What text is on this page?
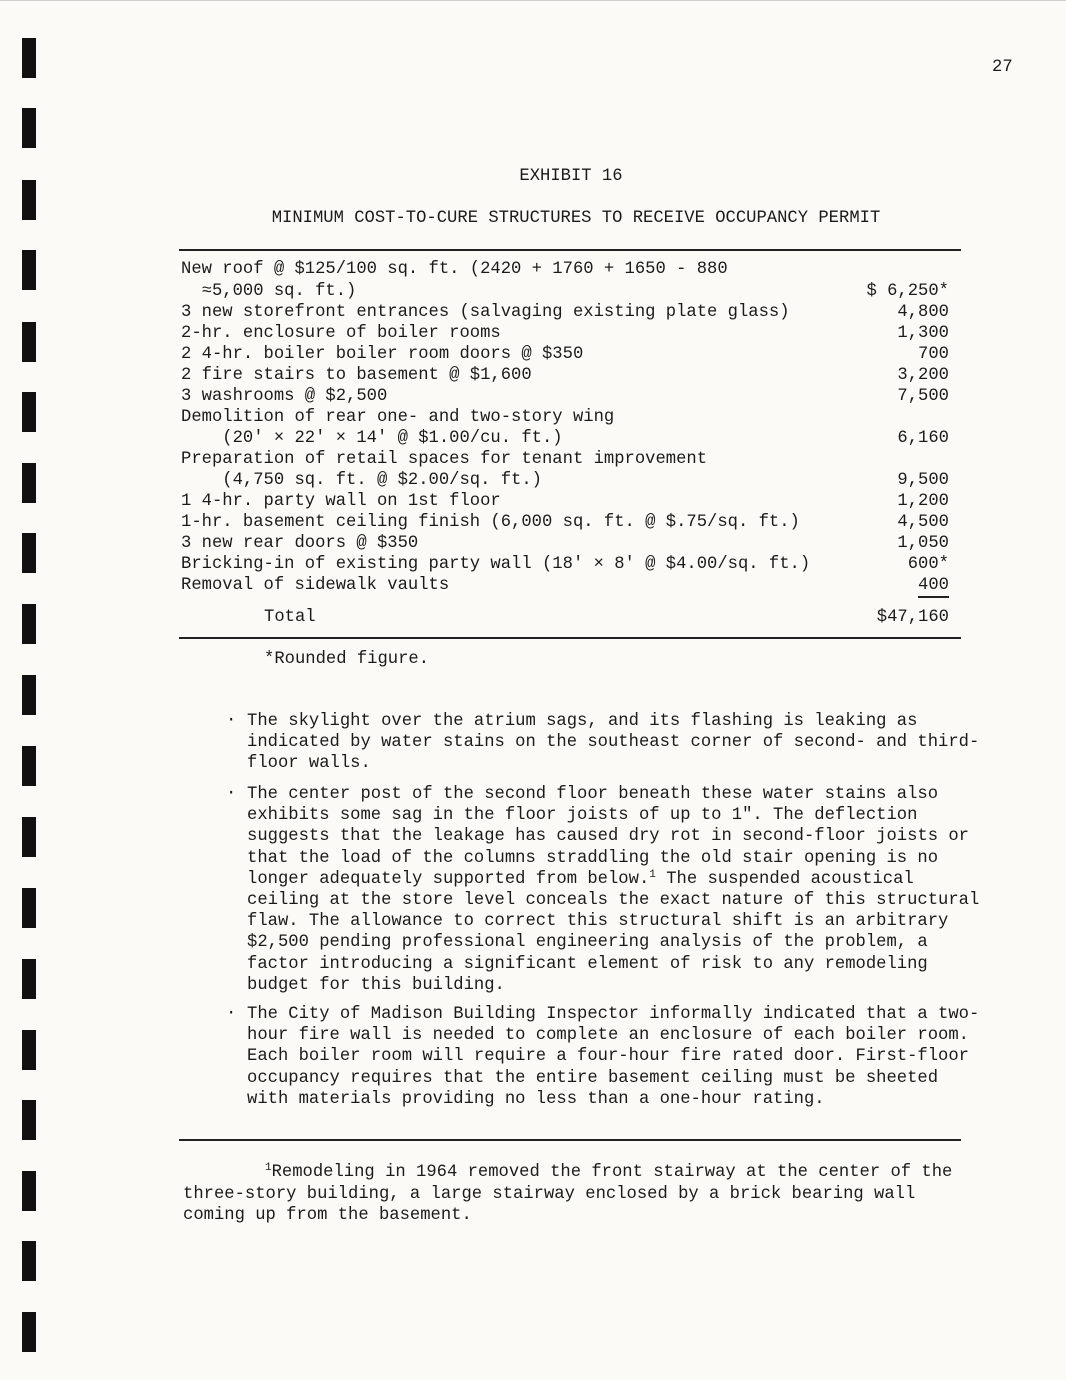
27
EXHIBIT 16
MINIMUM COST-TO-CURE STRUCTURES TO RECEIVE OCCUPANCY PERMIT
New roof @ $125/100 sq. ft. (2420 + 1760 + 1650 - 880
≈5,000 sq. ft.)	$ 6,250*
3 new storefront entrances (salvaging existing plate glass)	4,800
2-hr. enclosure of boiler rooms	1,300
2 4-hr. boiler boiler room doors @ $350	700
2 fire stairs to basement @ $1,600	3,200
3 washrooms @ $2,500	7,500
Demolition of rear one- and two-story wing
(20' × 22' × 14' @ $1.00/cu. ft.)	6,160
Preparation of retail spaces for tenant improvement
(4,750 sq. ft. @ $2.00/sq. ft.)	9,500
1 4-hr. party wall on 1st floor	1,200
1-hr. basement ceiling finish (6,000 sq. ft. @ $.75/sq. ft.)	4,500
3 new rear doors @ $350	1,050
Bricking-in of existing party wall (18' × 8' @ $4.00/sq. ft.)	600*
Removal of sidewalk vaults	400
Total	$47,160
*Rounded figure.
· The skylight over the atrium sags, and its flashing is leaking as indicated by water stains on the southeast corner of second- and third-floor walls.
· The center post of the second floor beneath these water stains also exhibits some sag in the floor joists of up to 1". The deflection suggests that the leakage has caused dry rot in second-floor joists or that the load of the columns straddling the old stair opening is no longer adequately supported from below.$^1$ The suspended acoustical ceiling at the store level conceals the exact nature of this structural flaw. The allowance to correct this structural shift is an arbitrary $2,500 pending professional engineering analysis of the problem, a factor introducing a significant element of risk to any remodeling budget for this building.
· The City of Madison Building Inspector informally indicated that a two-hour fire wall is needed to complete an enclosure of each boiler room. Each boiler room will require a four-hour fire rated door. First-floor occupancy requires that the entire basement ceiling must be sheeted with materials providing no less than a one-hour rating.
$^1$Remodeling in 1964 removed the front stairway at the center of the three-story building, a large stairway enclosed by a brick bearing wall coming up from the basement.
